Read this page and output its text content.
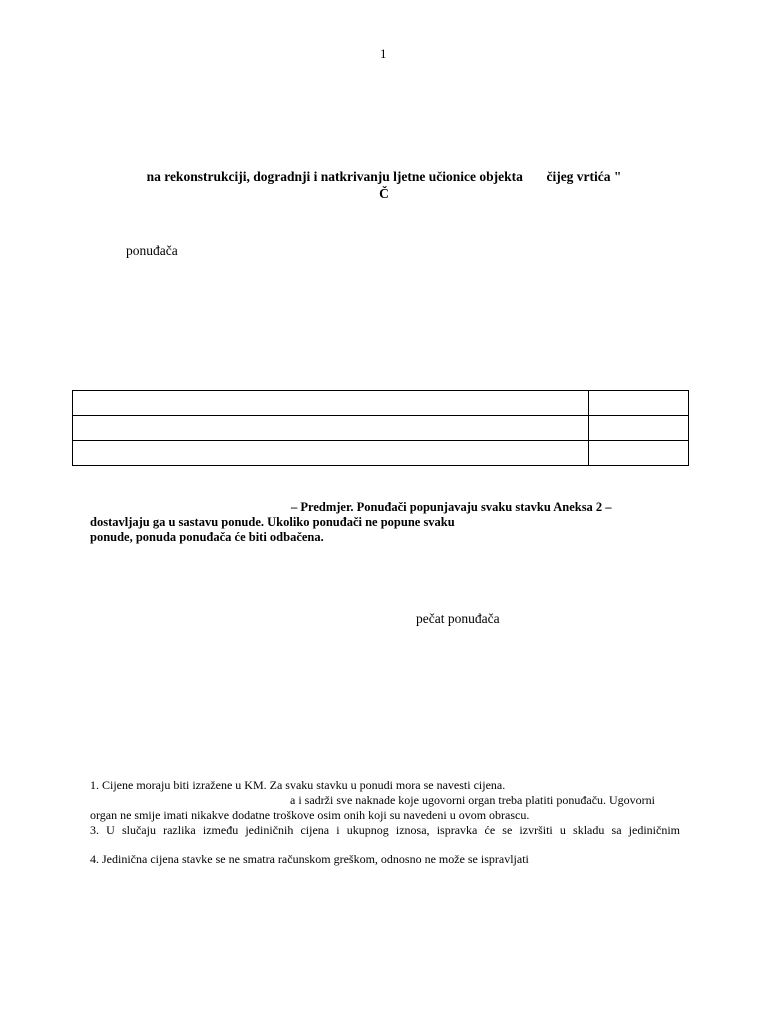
1
na rekonstrukciji, dogradnji i natkrivanju ljetne učionice objekta       čijeg vrtića "
Č
ponuđača

– Predmjer. Ponuđači popunjavaju svaku stavku Aneksa 2 –
dostavljaju ga u sastavu ponude. Ukoliko ponuđači ne popune svaku
ponude, ponuda ponuđača će biti odbačena.
pečat ponuđača
1. Cijene moraju biti izražene u KM. Za svaku stavku u ponudi mora se navesti cijena.
a i sadrži sve naknade koje ugovorni organ treba platiti ponuđaču. Ugovorni
organ ne smije imati nikakve dodatne troškove osim onih koji su navedeni u ovom obrascu.
3. U slučaju razlika između jediničnih cijena i ukupnog iznosa, ispravka će se izvršiti u skladu sa jediničnim
4. Jedinična cijena stavke se ne smatra računskom greškom, odnosno ne može se ispravljati
